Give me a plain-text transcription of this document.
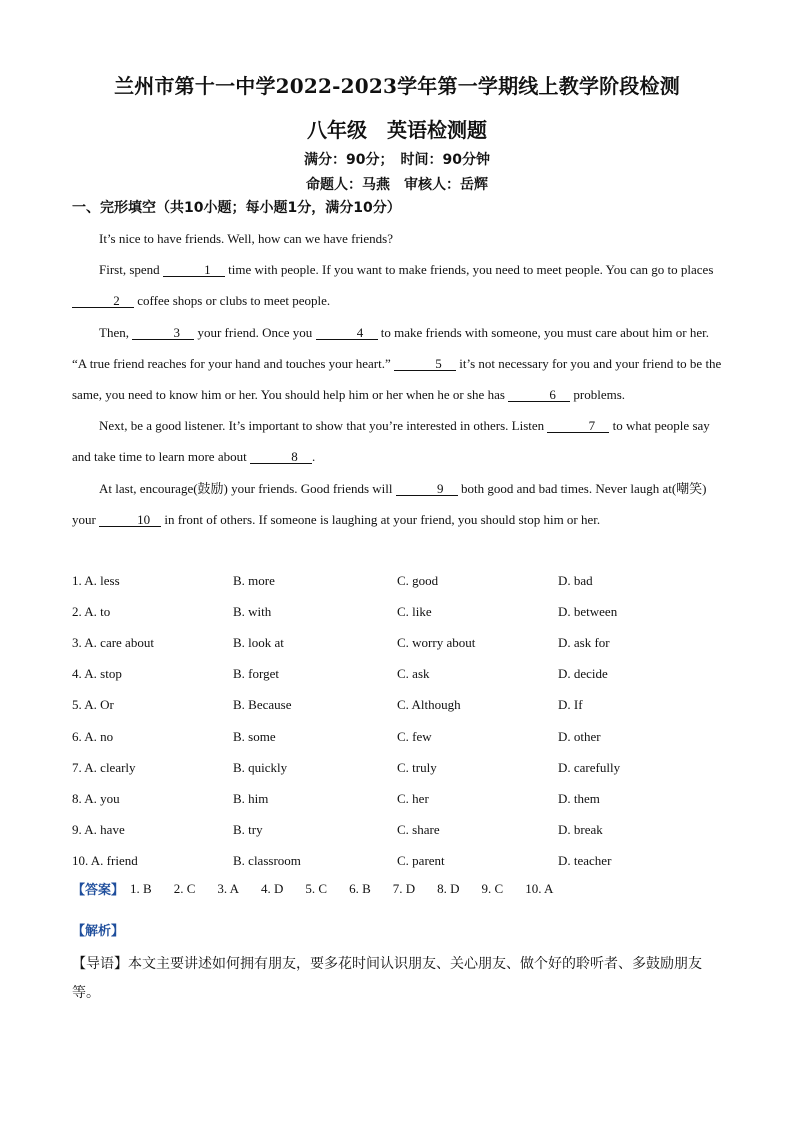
兰州市第十一中学2022-2023学年第一学期线上教学阶段检测
八年级　英语检测题
满分：90分；　时间：90分钟
命题人：马燕　审核人：岳辉
一、完形填空（共10小题；每小题1分，满分10分）

It’s nice to have friends. Well, how can we have friends?

First, spend	1 time with people. If you want to make friends, you need to meet people. You can go to places 2 coffee shops or clubs to meet people.

Then,	3 your friend. Once you	4 to make friends with someone, you must care about him or her. “A true friend reaches for your hand and touches your heart.”	5 it’s not necessary for you and your friend to be the same, you need to know him or her. You should help him or her when he or she has	6 problems.

Next, be a good listener. It’s important to show that you’re interested in others. Listen	7 to what people say and take time to learn more about	8 .

At last, encourage(鼓励) your friends. Good friends will	9 both good and bad times. Never laugh at(嘲笑) your	10 in front of others. If someone is laughing at your friend, you should stop him or her.

1. A. less	B. more	C. good	D. bad
2. A. to	B. with	C. like	D. between
3. A. care about	B. look at	C. worry about	D. ask for
4. A. stop	B. forget	C. ask	D. decide
5. A. Or	B. Because	C. Although	D. If
6. A. no	B. some	C. few	D. other
7. A. clearly	B. quickly	C. truly	D. carefully
8. A. you	B. him	C. her	D. them
9. A. have	B. try	C. share	D. break
10. A. friend	B. classroom	C. parent	D. teacher
【答案】 1. B 2. C 3. A 4. D 5. C 6. B 7. D 8. D 9. C 10. A
【解析】
【导语】本文主要讲述如何拥有朋友，要多花时间认识朋友、关心朋友、做个好的聆听者、多鼓励朋友等。
